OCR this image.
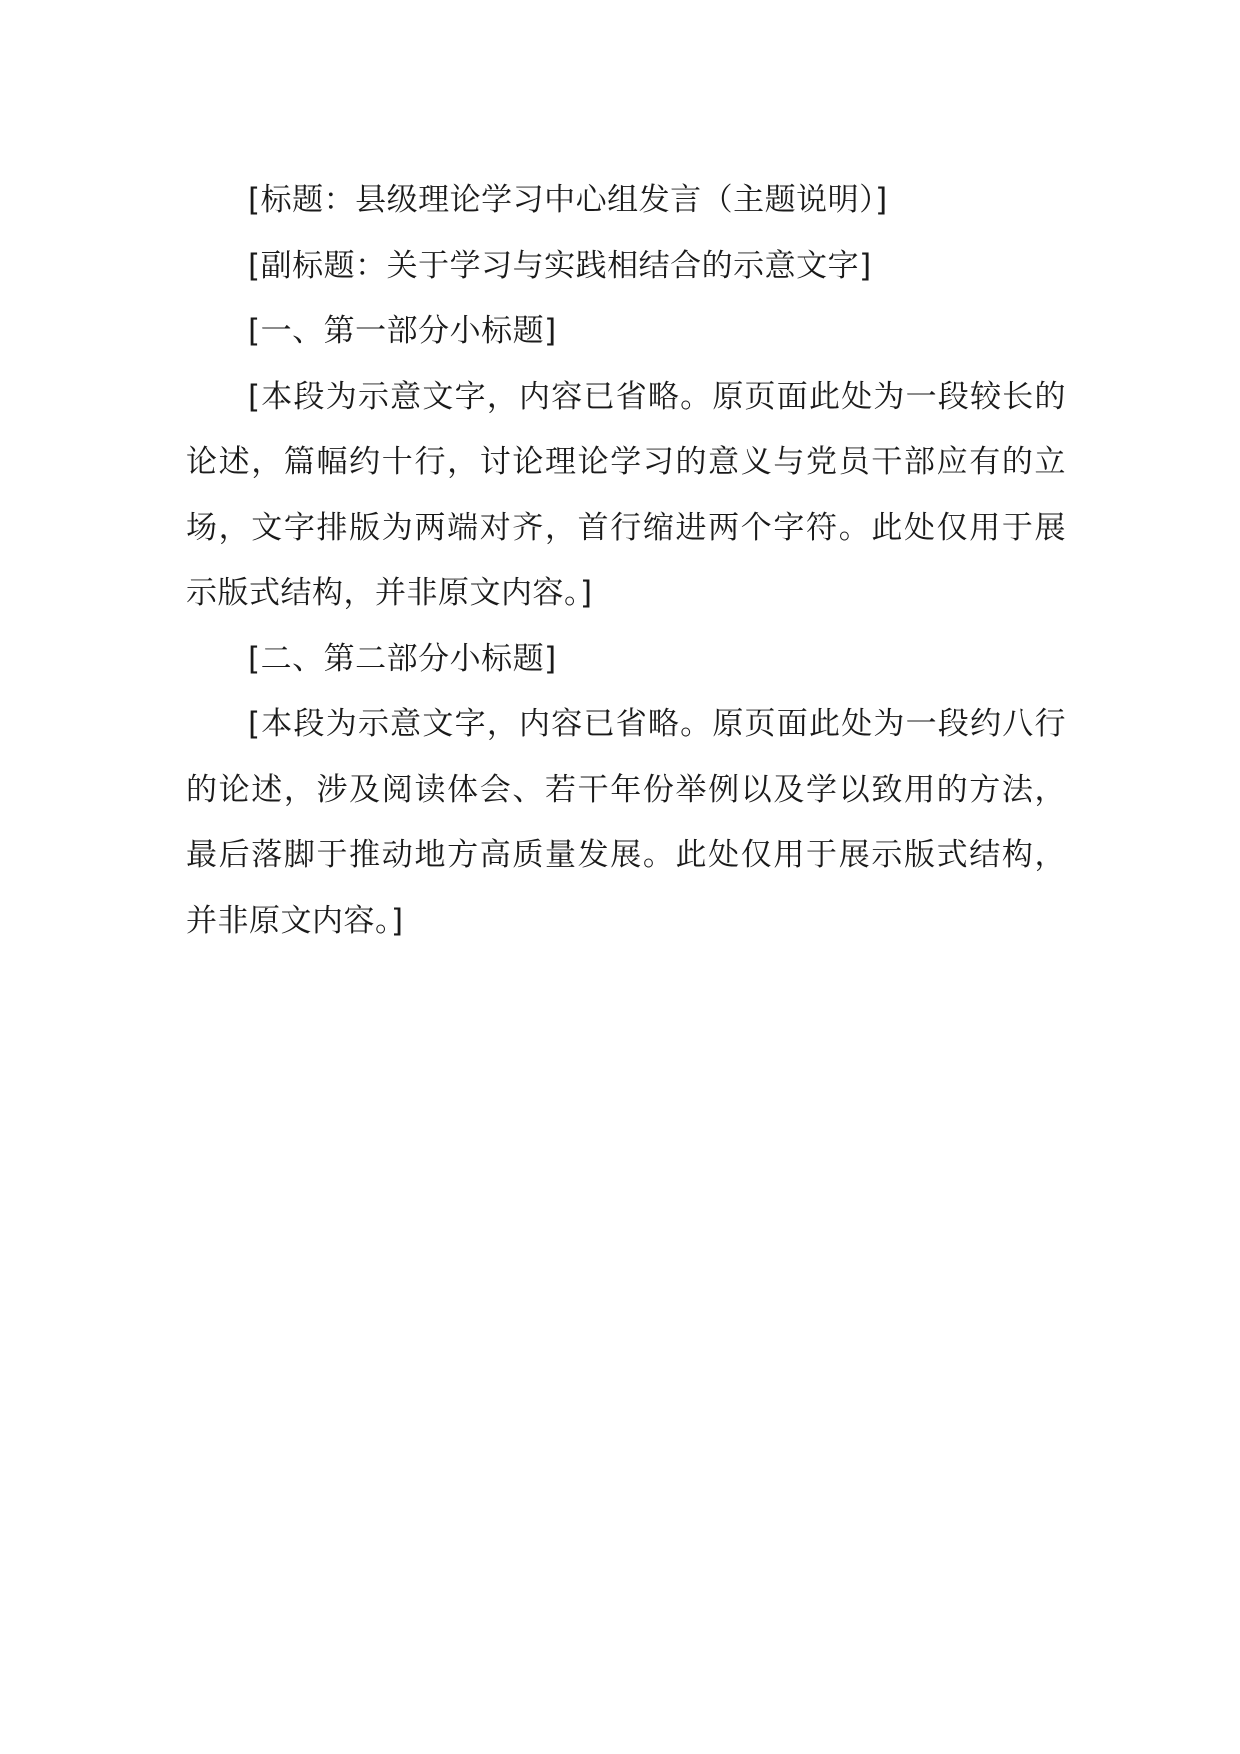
[标题：县级理论学习中心组发言（主题说明）]

[副标题：关于学习与实践相结合的示意文字]

[一、第一部分小标题]

[本段为示意文字，内容已省略。原页面此处为一段较长的论述，篇幅约十行，讨论理论学习的意义与党员干部应有的立场，文字排版为两端对齐，首行缩进两个字符。此处仅用于展示版式结构，并非原文内容。]

[二、第二部分小标题]

[本段为示意文字，内容已省略。原页面此处为一段约八行的论述，涉及阅读体会、若干年份举例以及学以致用的方法，最后落脚于推动地方高质量发展。此处仅用于展示版式结构，并非原文内容。]
